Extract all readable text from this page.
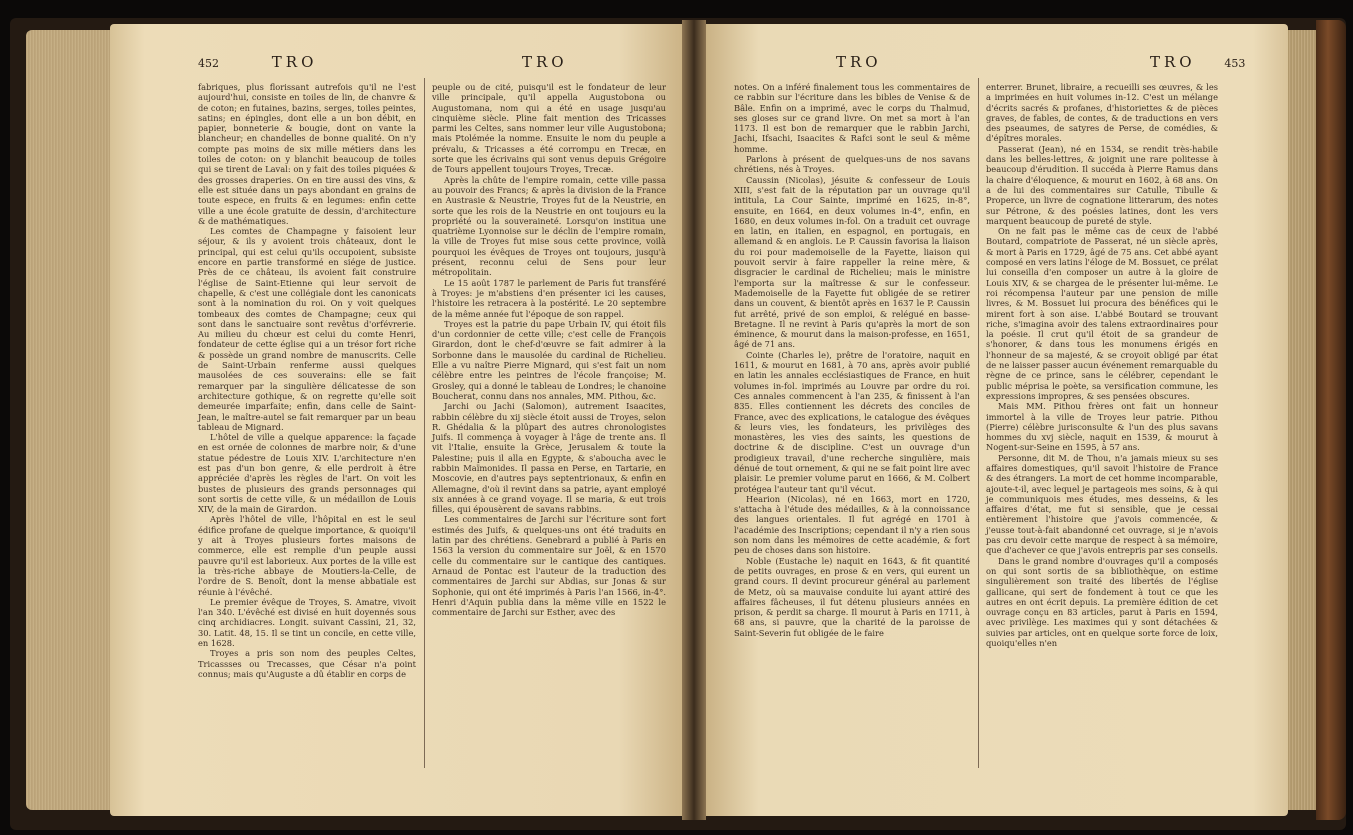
452	TRO	TRO	TRO	TRO	453

fabriques, plus florissant autrefois qu'il ne l'est aujourd'hui, consiste en toiles de lin, de chanvre & de coton; en futaines, bazins, serges, toiles peintes, satins; en épingles, dont elle a un bon débit, en papier, bonneterie & bougie, dont on vante la blancheur; en chandelles de bonne qualité. On n'y compte pas moins de six mille métiers dans les toiles de coton: on y blanchit beaucoup de toiles qui se tirent de Laval: on y fait des toiles piquées & des grosses draperies. On en tire aussi des vins, & elle est située dans un pays abondant en grains de toute espece, en fruits & en legumes: enfin cette ville a une école gratuite de dessin, d'architecture & de mathématiques.

Les comtes de Champagne y faisoient leur séjour, & ils y avoient trois châteaux, dont le principal, qui est celui qu'ils occupoient, subsiste encore en partie transformé en siége de justice. Près de ce château, ils avoient fait construire l'église de Saint-Etienne qui leur servoit de chapelle, & c'est une collégiale dont les canonicats sont à la nomination du roi. On y voit quelques tombeaux des comtes de Champagne; ceux qui sont dans le sanctuaire sont revêtus d'orfévrerie. Au milieu du chœur est celui du comte Henri, fondateur de cette église qui a un trésor fort riche & possède un grand nombre de manuscrits. Celle de Saint-Urbain renferme aussi quelques mausolées de ces souverains: elle se fait remarquer par la singulière délicatesse de son architecture gothique, & on regrette qu'elle soit demeurée imparfaite; enfin, dans celle de Saint-Jean, le maître-autel se fait remarquer par un beau tableau de Mignard.

L'hôtel de ville a quelque apparence: la façade en est ornée de colonnes de marbre noir, & d'une statue pédestre de Louis XIV. L'architecture n'en est pas d'un bon genre, & elle perdroit à être appréciée d'après les règles de l'art. On voit les bustes de plusieurs des grands personnages qui sont sortis de cette ville, & un médaillon de Louis XIV, de la main de Girardon.

Après l'hôtel de ville, l'hôpital en est le seul édifice profane de quelque importance, & quoiqu'il y ait à Troyes plusieurs fortes maisons de commerce, elle est remplie d'un peuple aussi pauvre qu'il est laborieux. Aux portes de la ville est la très-riche abbaye de Moutiers-la-Celle, de l'ordre de S. Benoît, dont la mense abbatiale est réunie à l'évêché.

Le premier évêque de Troyes, S. Amatre, vivoit l'an 340. L'évêché est divisé en huit doyennés sous cinq archidiacres. Longit. suivant Cassini, 21, 32, 30. Latit. 48, 15. Il se tint un concile, en cette ville, en 1628.

Troyes a pris son nom des peuples Celtes, Tricassses ou Trecasses, que César n'a point connus; mais qu'Auguste a dû établir en corps de

peuple ou de cité, puisqu'il est le fondateur de leur ville principale, qu'il appella Augustobona ou Augustomana, nom qui a été en usage jusqu'au cinquième siècle. Pline fait mention des Tricasses parmi les Celtes, sans nommer leur ville Augustobona; mais Ptolémée la nomme. Ensuite le nom du peuple a prévalu, & Tricasses a été corrompu en Trecæ, en sorte que les écrivains qui sont venus depuis Grégoire de Tours appellent toujours Troyes, Trecæ.

Après la chûte de l'empire romain, cette ville passa au pouvoir des Francs; & après la division de la France en Austrasie & Neustrie, Troyes fut de la Neustrie, en sorte que les rois de la Neustrie en ont toujours eu la propriété ou la souveraineté. Lorsqu'on institua une quatrième Lyonnoise sur le déclin de l'empire romain, la ville de Troyes fut mise sous cette province, voilà pourquoi les évêques de Troyes ont toujours, jusqu'à présent, reconnu celui de Sens pour leur métropolitain.

Le 15 août 1787 le parlement de Paris fut transféré à Troyes: je m'abstiens d'en présenter ici les causes, l'histoire les retracera à la postérité. Le 20 septembre de la même année fut l'époque de son rappel.

Troyes est la patrie du pape Urbain IV, qui étoit fils d'un cordonnier de cette ville; c'est celle de François Girardon, dont le chef-d'œuvre se fait admirer à la Sorbonne dans le mausolée du cardinal de Richelieu. Elle a vu naître Pierre Mignard, qui s'est fait un nom célèbre entre les peintres de l'école françoise; M. Grosley, qui a donné le tableau de Londres; le chanoine Boucherat, connu dans nos annales, MM. Pithou, &c.

Jarchi ou Jachi (Salomon), autrement Isaacites, rabbin célèbre du xij siècle étoit aussi de Troyes, selon R. Ghédalia & la plûpart des autres chronologistes Juifs. Il commença à voyager à l'âge de trente ans. Il vit l'Italie, ensuite la Grèce, Jerusalem & toute la Palestine; puis il alla en Egypte, & s'aboucha avec le rabbin Maïmonides. Il passa en Perse, en Tartarie, en Moscovie, en d'autres pays septentrionaux, & enfin en Allemagne, d'où il revint dans sa patrie, ayant employé six années à ce grand voyage. Il se maria, & eut trois filles, qui épousèrent de savans rabbins.

Les commentaires de Jarchi sur l'écriture sont fort estimés des Juifs, & quelques-uns ont été traduits en latin par des chrétiens. Genebrard a publié à Paris en 1563 la version du commentaire sur Joël, & en 1570 celle du commentaire sur le cantique des cantiques. Arnaud de Pontac est l'auteur de la traduction des commentaires de Jarchi sur Abdias, sur Jonas & sur Sophonie, qui ont été imprimés à Paris l'an 1566, in-4°. Henri d'Aquin publia dans la même ville en 1522 le commentaire de Jarchi sur Esther, avec des

notes. On a inféré finalement tous les commentaires de ce rabbin sur l'écriture dans les bibles de Venise & de Bâle. Enfin on a imprimé, avec le corps du Thalmud, ses gloses sur ce grand livre. On met sa mort à l'an 1173. Il est bon de remarquer que le rabbin Jarchi, Jachi, Ifsachi, Isaacites & Rafci sont le seul & même homme.

Parlons à présent de quelques-uns de nos savans chrétiens, nés à Troyes.

Caussin (Nicolas), jésuite & confesseur de Louis XIII, s'est fait de la réputation par un ouvrage qu'il intitula, La Cour Sainte, imprimé en 1625, in-8°, ensuite, en 1664, en deux volumes in-4°, enfin, en 1680, en deux volumes in-fol. On a traduit cet ouvrage en latin, en italien, en espagnol, en portugais, en allemand & en anglois. Le P. Caussin favorisa la liaison du roi pour mademoiselle de la Fayette, liaison qui pouvoit servir à faire rappeller la reine mère, & disgracier le cardinal de Richelieu; mais le ministre l'emporta sur la maîtresse & sur le confesseur. Mademoiselle de la Fayette fut obligée de se retirer dans un couvent, & bientôt après en 1637 le P. Caussin fut arrêté, privé de son emploi, & relégué en basse-Bretagne. Il ne revint à Paris qu'après la mort de son éminence, & mourut dans la maison-professe, en 1651, âgé de 71 ans.

Cointe (Charles le), prêtre de l'oratoire, naquit en 1611, & mourut en 1681, à 70 ans, après avoir publié en latin les annales ecclésiastiques de France, en huit volumes in-fol. imprimés au Louvre par ordre du roi. Ces annales commencent à l'an 235, & finissent à l'an 835. Elles contiennent les décrets des conciles de France, avec des explications, le catalogue des évêques & leurs vies, les fondateurs, les privilèges des monastères, les vies des saints, les questions de doctrine & de discipline. C'est un ouvrage d'un prodigieux travail, d'une recherche singulière, mais dénué de tout ornement, & qui ne se fait point lire avec plaisir. Le premier volume parut en 1666, & M. Colbert protégea l'auteur tant qu'il vécut.

Hearion (Nicolas), né en 1663, mort en 1720, s'attacha à l'étude des médailles, & à la connoissance des langues orientales. Il fut agrégé en 1701 à l'académie des Inscriptions; cependant il n'y a rien sous son nom dans les mémoires de cette académie, & fort peu de choses dans son histoire.

Noble (Eustache le) naquit en 1643, & fit quantité de petits ouvrages, en prose & en vers, qui eurent un grand cours. Il devint procureur général au parlement de Metz, où sa mauvaise conduite lui ayant attiré des affaires fâcheuses, il fut détenu plusieurs années en prison, & perdit sa charge. Il mourut à Paris en 1711, à 68 ans, si pauvre, que la charité de la paroisse de Saint-Severin fut obligée de le faire

enterrer. Brunet, libraire, a recueilli ses œuvres, & les a imprimées en huit volumes in-12. C'est un mélange d'écrits sacrés & profanes, d'historiettes & de pièces graves, de fables, de contes, & de traductions en vers des pseaumes, de satyres de Perse, de comédies, & d'épîtres morales.

Passerat (Jean), né en 1534, se rendit très-habile dans les belles-lettres, & joignit une rare politesse à beaucoup d'érudition. Il succéda à Pierre Ramus dans la chaire d'éloquence, & mourut en 1602, à 68 ans. On a de lui des commentaires sur Catulle, Tibulle & Properce, un livre de cognatione litterarum, des notes sur Pétrone, & des poésies latines, dont les vers marquent beaucoup de pureté de style.

On ne fait pas le même cas de ceux de l'abbé Boutard, compatriote de Passerat, né un siècle après, & mort à Paris en 1729, âgé de 75 ans. Cet abbé ayant composé en vers latins l'éloge de M. Bossuet, ce prélat lui conseilla d'en composer un autre à la gloire de Louis XIV, & se chargea de le présenter lui-même. Le roi récompensa l'auteur par une pension de mille livres, & M. Bossuet lui procura des bénéfices qui le mirent fort à son aise. L'abbé Boutard se trouvant riche, s'imagina avoir des talens extraordinaires pour la poésie. Il crut qu'il étoit de sa grandeur de s'honorer, & dans tous les monumens érigés en l'honneur de sa majesté, & se croyoit obligé par état de ne laisser passer aucun événement remarquable du règne de ce prince, sans le célébrer, cependant le public méprisa le poète, sa versification commune, les expressions impropres, & ses pensées obscures.

Mais MM. Pithou frères ont fait un honneur immortel à la ville de Troyes leur patrie. Pithou (Pierre) célèbre jurisconsulte & l'un des plus savans hommes du xvj siècle, naquit en 1539, & mourut à Nogent-sur-Seine en 1595, à 57 ans.

Personne, dit M. de Thou, n'a jamais mieux su ses affaires domestiques, qu'il savoit l'histoire de France & des étrangers. La mort de cet homme incomparable, ajoute-t-il, avec lequel je partageois mes soins, & à qui je communiquois mes études, mes desseins, & les affaires d'état, me fut si sensible, que je cessai entièrement l'histoire que j'avois commencée, & j'eusse tout-à-fait abandonné cet ouvrage, si je n'avois pas cru devoir cette marque de respect à sa mémoire, que d'achever ce que j'avois entrepris par ses conseils.

Dans le grand nombre d'ouvrages qu'il a composés on qui sont sortis de sa bibliothèque, on estime singulièrement son traité des libertés de l'église gallicane, qui sert de fondement à tout ce que les autres en ont écrit depuis. La première édition de cet ouvrage conçu en 83 articles, parut à Paris en 1594, avec privilège. Les maximes qui y sont détachées & suivies par articles, ont en quelque sorte force de loix, quoiqu'elles n'en
